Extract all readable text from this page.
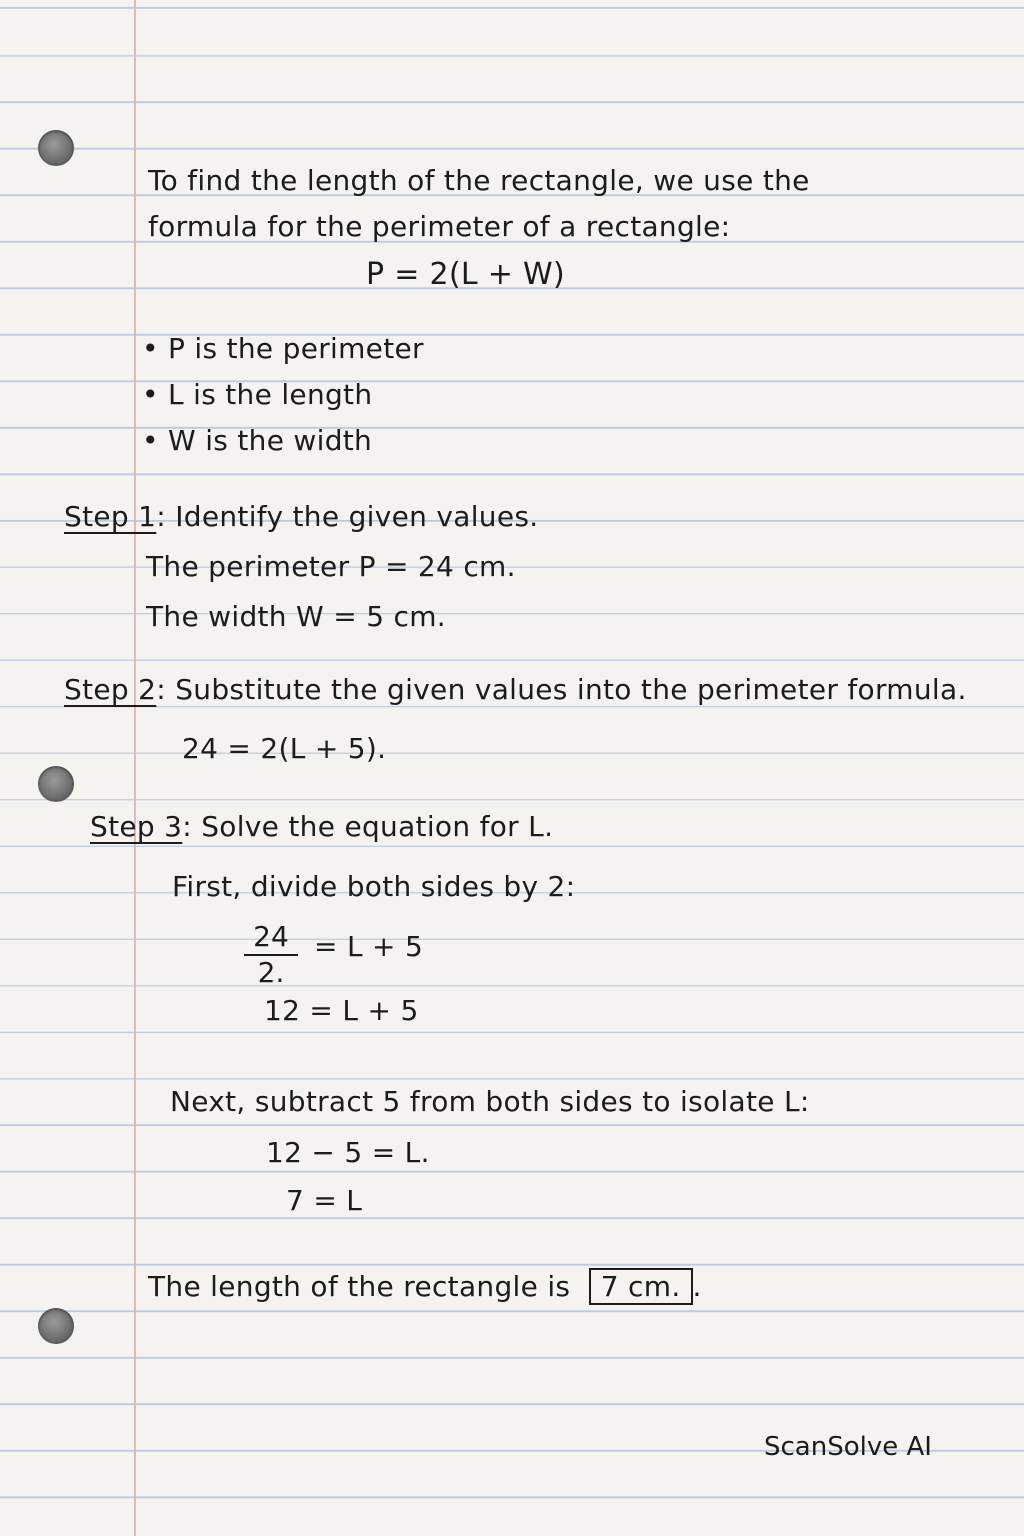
To find the length of the rectangle, we use the
formula for the perimeter of a rectangle:
P = 2(L + W)
• P is the perimeter
• L is the length
• W is the width
Step 1: Identify the given values.
The perimeter P = 24 cm.
The width W = 5 cm.
Step 2: Substitute the given values into the perimeter formula.
24 = 2(L + 5).
Step 3: Solve the equation for L.
First, divide both sides by 2:
$\frac{24}{2.} = L + 5$
12 = L + 5
Next, subtract 5 from both sides to isolate L:
12 − 5 = L.
7 = L
The length of the rectangle is 7 cm. .
ScanSolve AI
